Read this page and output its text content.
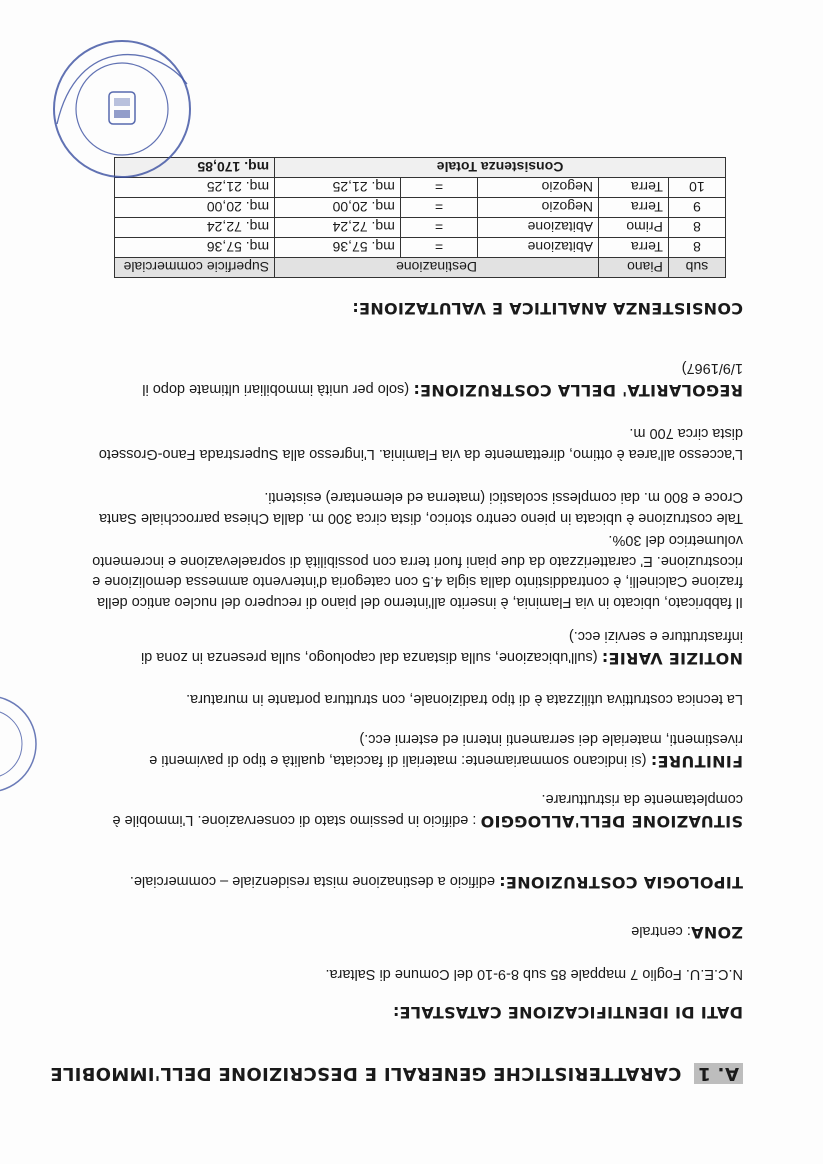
A. 1 CARATTERISTICHE GENERALI E DESCRIZIONE DELL'IMMOBILE
DATI DI IDENTIFICAZIONE CATASTALE:
N.C.E.U. Foglio 7 mappale 85 sub 8-9-10 del Comune di Saltara.
ZONA: centrale

TIPOLOGIA COSTRUZIONE: edificio a destinazione mista residenziale – commerciale.

SITUAZIONE DELL'ALLOGGIO : edificio in pessimo stato di conservazione. L'immobile è completamente da ristrutturare.

FINITURE: (si indicano sommariamente: materiali di facciata, qualità e tipo di pavimenti e rivestimenti, materiale dei serramenti interni ed esterni ecc.)

La tecnica costruttiva utilizzata è di tipo tradizionale, con struttura portante in muratura.

NOTIZIE VARIE: (sull'ubicazione, sulla distanza dal capoluogo, sulla presenza in zona di infrastrutture e servizi ecc.)

Il fabbricato, ubicato in via Flaminia, è inserito all'interno del piano di recupero del nucleo antico della frazione Calcinelli, è contraddistinto dalla sigla 4.5 con categoria d'intervento ammessa demolizione e ricostruzione. E' caratterizzato da due piani fuori terra con possibilità di sopraelevazione e incremento volumetrico del 30%.

Tale costruzione è ubicata in pieno centro storico, dista circa 300 m. dalla Chiesa parrocchiale Santa Croce e 800 m. dai complessi scolastici (materna ed elementare) esistenti.

L'accesso all'area è ottimo, direttamente da via Flaminia. L'ingresso alla Superstrada Fano-Grosseto dista circa 700 m.

REGOLARITA' DELLA COSTRUZIONE: (solo per unità immobiliari ultimate dopo il 1/9/1967)

CONSISTENZA ANALITICA E VALUTAZIONE:
sub	Piano	Destinazione			Superficie commerciale
8	Terra	Abitazione	=	mq. 57,36	mq. 57,36
8	Primo	Abitazione	=	mq. 72,24	mq. 72,24
9	Terra	Negozio	=	mq. 20,00	mq. 20,00
10	Terra	Negozio	=	mq. 21,25	mq. 21,25
Consistenza Totale					mq. 170,85
